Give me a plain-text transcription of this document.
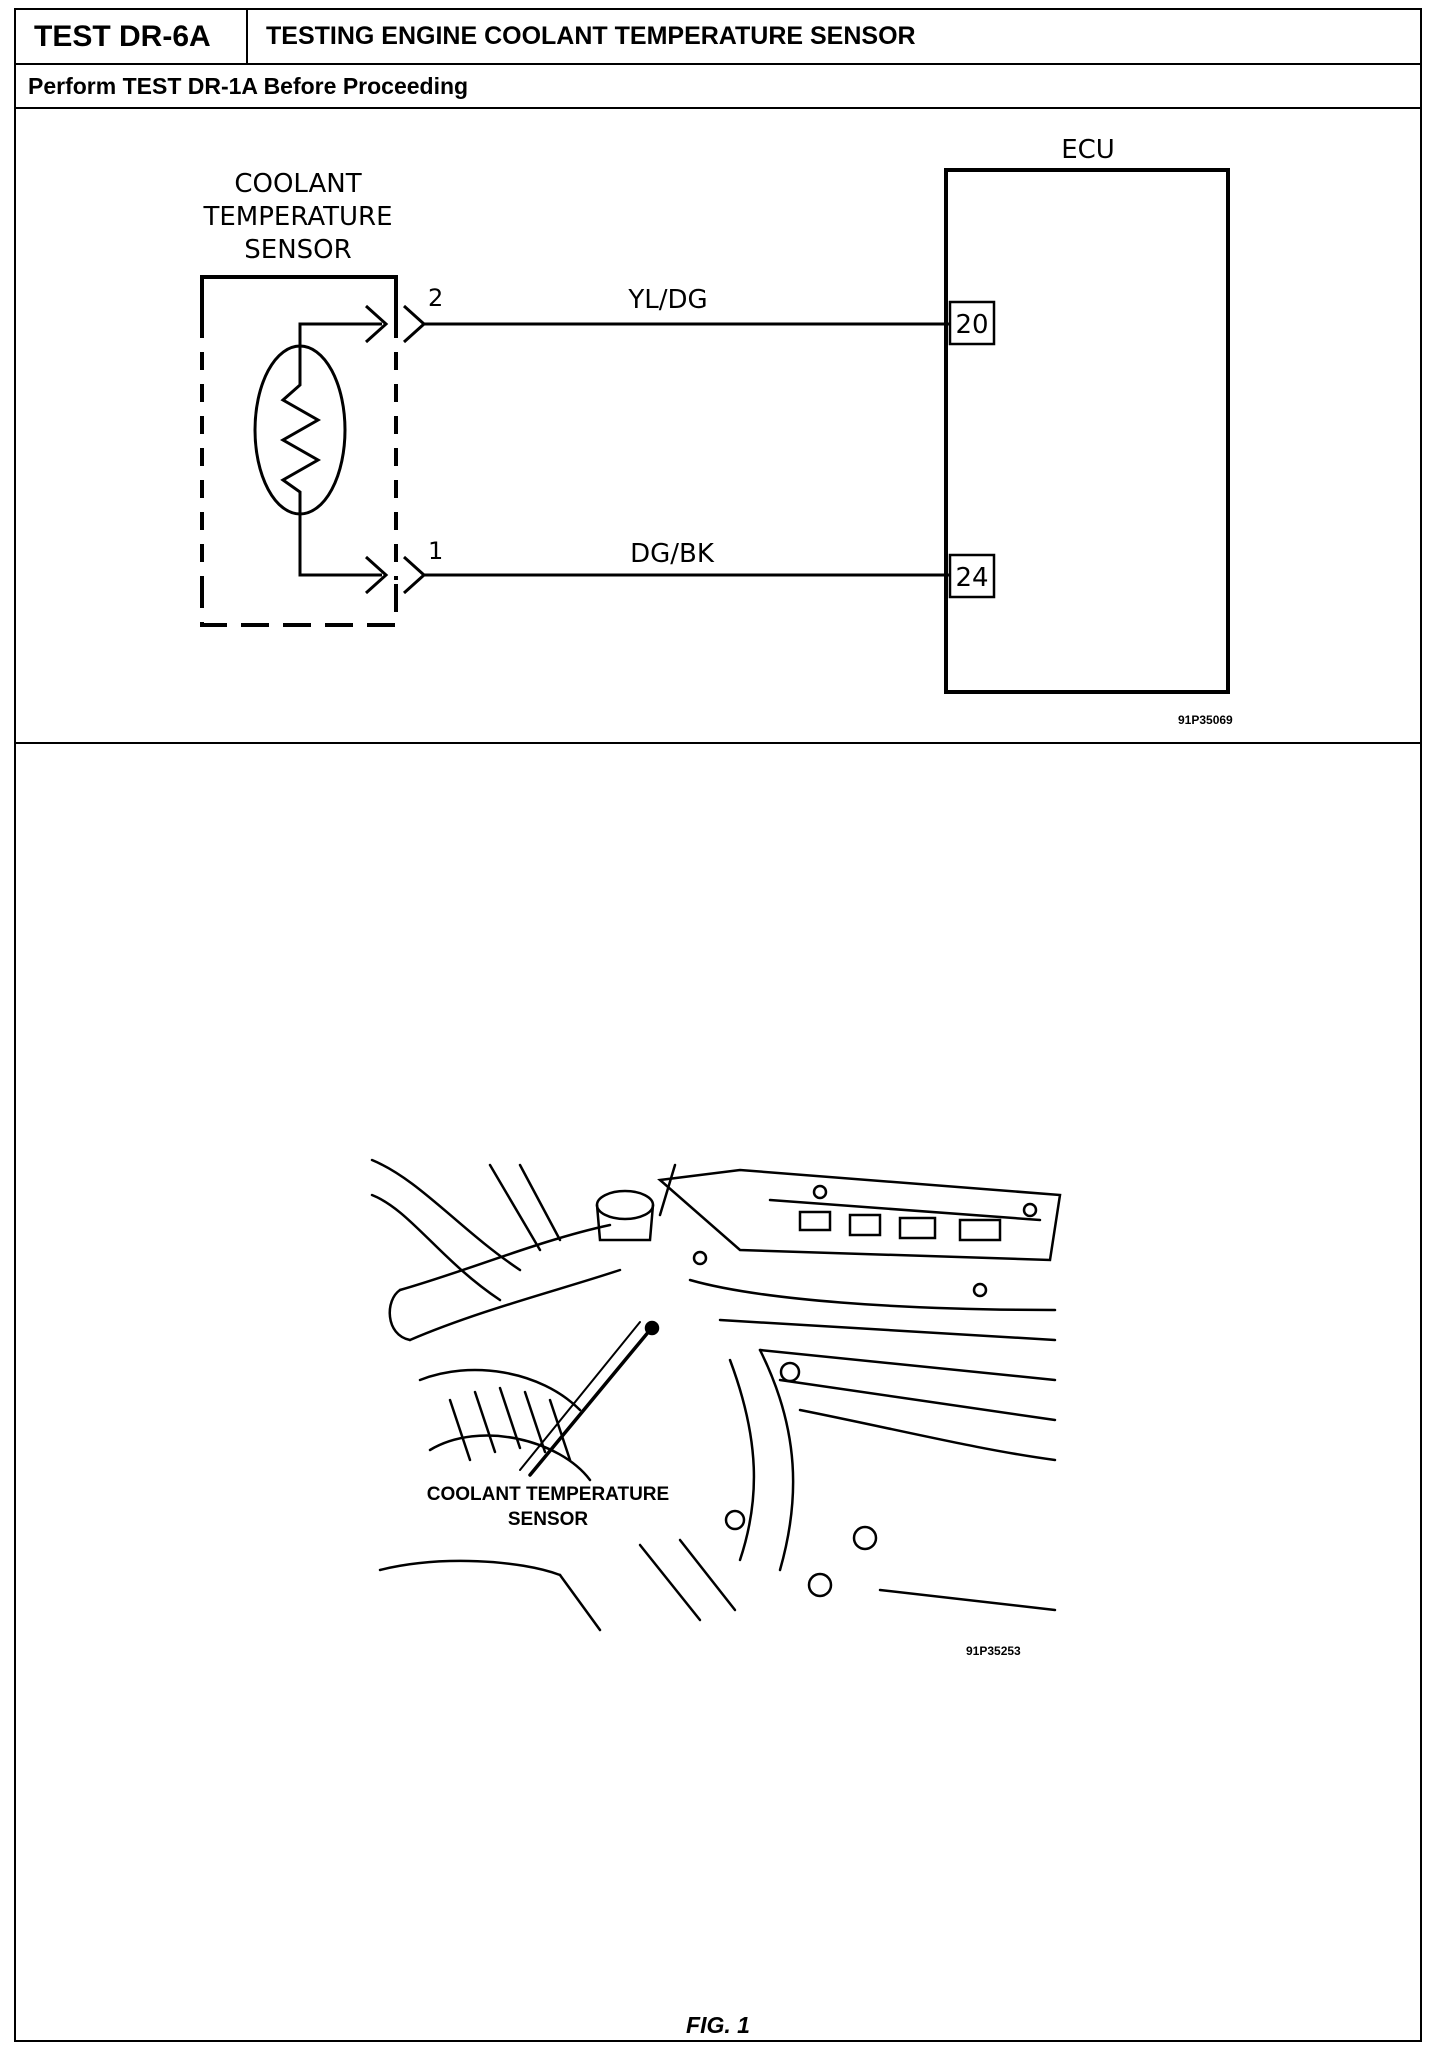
TEST DR-6A	TESTING ENGINE COOLANT TEMPERATURE SENSOR
Perform TEST DR-1A Before Proceeding
FIG. 1
COOLANT
TEMPERATURE
SENSOR
2
1
YL/DG
DG/BK
ECU
20
24
91P35069
COOLANT TEMPERATURE
SENSOR
91P35253
